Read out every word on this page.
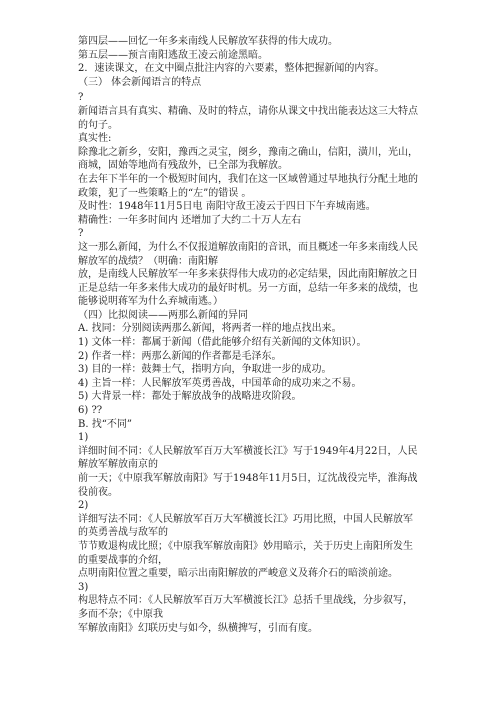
第四层——回忆一年多来南线人民解放军获得的伟大成功。
第五层——预言南阳逃敌王凌云前途黑暗。
2．速读课文，在文中圈点批注内容的六要素，整体把握新闻的内容。
（三） 体会新闻语言的特点
?
新闻语言具有真实、精确、及时的特点，请你从课文中找出能表达这三大特点
的句子。
真实性:
除豫北之新乡，安阳，豫西之灵宝，阌乡，豫南之确山，信阳，潢川，光山，
商城，固始等地尚有残敌外，已全部为我解放。
在去年下半年的一个极短时间内，我们在这一区域曾通过早地执行分配土地的
政策，犯了一些策略上的“左”的错误 。
及时性：1948年11月5日电 南阳守敌王凌云于四日下午弃城南逃。
精确性：一年多时间内 还增加了大约二十万人左右
?
这一那么新闻，为什么不仅报道解放南阳的音讯，而且概述一年多来南线人民
解放军的战绩？（明确：南阳解
放，是南线人民解放军一年多来获得伟大成功的必定结果，因此南阳解放之日
正是总结一年多来伟大成功的最好时机。另一方面，总结一年多来的战绩，也
能够说明蒋军为什么弃城南逃。）
（四）比拟阅读——两那么新闻的异同
A. 找同：分别阅读两那么新闻，将两者一样的地点找出来。
1) 文体一样：都属于新闻（借此能够介绍有关新闻的文体知识）。
2) 作者一样：两那么新闻的作者都是毛泽东。
3) 目的一样：鼓舞士气，指明方向，争取进一步的成功。
4) 主旨一样：人民解放军英勇善战，中国革命的成功来之不易。
5) 大背景一样：都处于解放战争的战略进攻阶段。
6) ??
B. 找“不同”
1)
详细时间不同：《人民解放军百万大军横渡长江》写于1949年4月22日，人民
解放军解放南京的
前一天；《中原我军解放南阳》写于1948年11月5日，辽沈战役完毕，淮海战
役前夜。
2)
详细写法不同：《人民解放军百万大军横渡长江》巧用比照，中国人民解放军
的英勇善战与敌军的
节节败退构成比照；《中原我军解放南阳》妙用暗示，关于历史上南阳所发生
的重要战事的介绍，
点明南阳位置之重要，暗示出南阳解放的严峻意义及蒋介石的暗淡前途。
3)
构思特点不同：《人民解放军百万大军横渡长江》总括千里战线，分步叙写，
多而不杂；《中原我
军解放南阳》幻联历史与如今，纵横捭写，引而有度。
